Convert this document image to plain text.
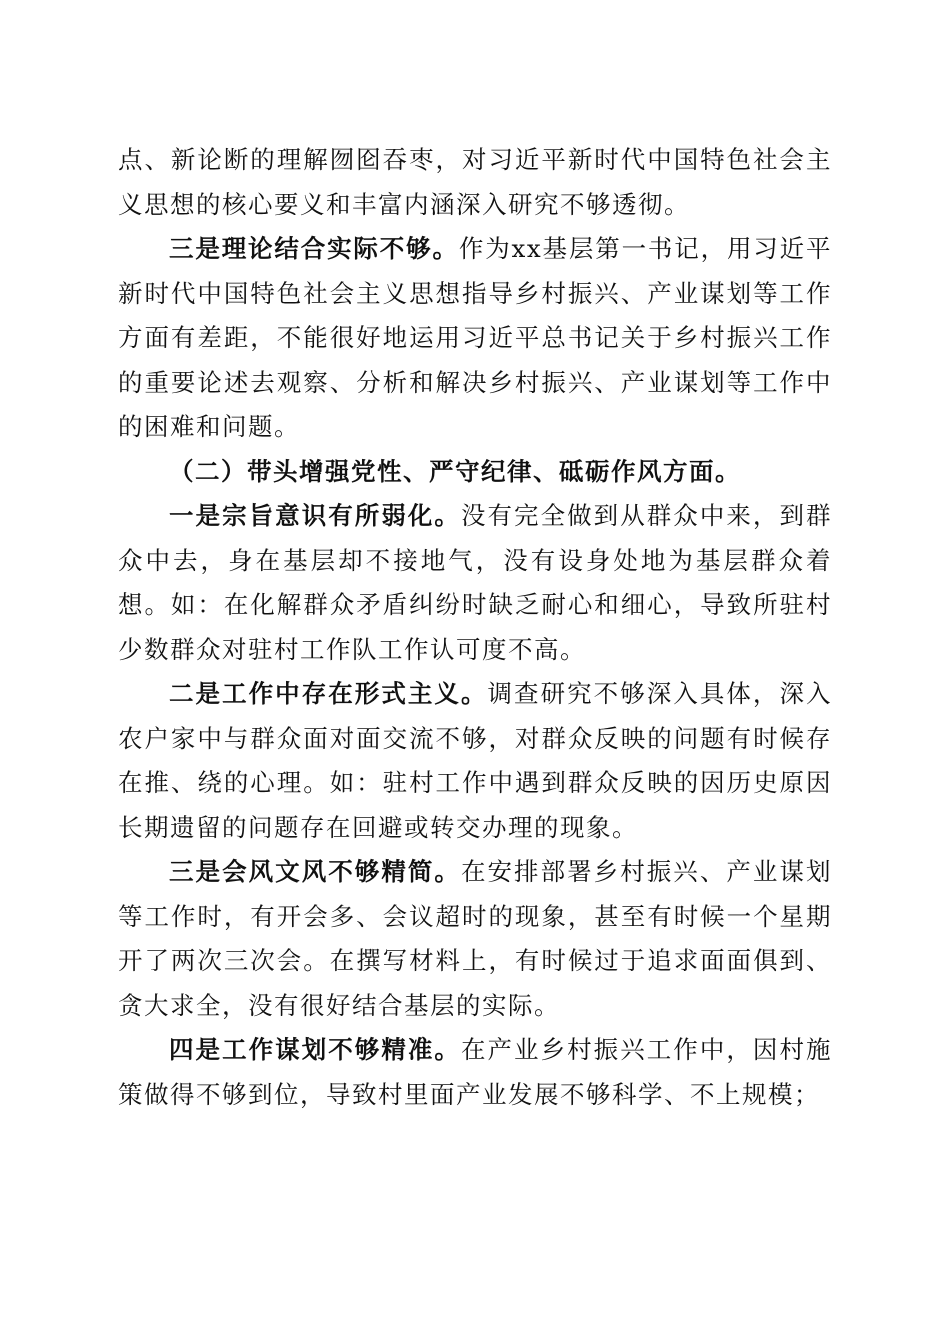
点、新论断的理解囫囵吞枣，对习近平新时代中国特色社会主义思想的核心要义和丰富内涵深入研究不够透彻。

三是理论结合实际不够。作为xx基层第一书记，用习近平新时代中国特色社会主义思想指导乡村振兴、产业谋划等工作方面有差距，不能很好地运用习近平总书记关于乡村振兴工作的重要论述去观察、分析和解决乡村振兴、产业谋划等工作中的困难和问题。

（二）带头增强党性、严守纪律、砥砺作风方面。

一是宗旨意识有所弱化。没有完全做到从群众中来，到群众中去，身在基层却不接地气，没有设身处地为基层群众着想。如：在化解群众矛盾纠纷时缺乏耐心和细心，导致所驻村少数群众对驻村工作队工作认可度不高。

二是工作中存在形式主义。调查研究不够深入具体，深入农户家中与群众面对面交流不够，对群众反映的问题有时候存在推、绕的心理。如：驻村工作中遇到群众反映的因历史原因长期遗留的问题存在回避或转交办理的现象。

三是会风文风不够精简。在安排部署乡村振兴、产业谋划等工作时，有开会多、会议超时的现象，甚至有时候一个星期开了两次三次会。在撰写材料上，有时候过于追求面面俱到、贪大求全，没有很好结合基层的实际。

四是工作谋划不够精准。在产业乡村振兴工作中，因村施策做得不够到位，导致村里面产业发展不够科学、不上规模；
